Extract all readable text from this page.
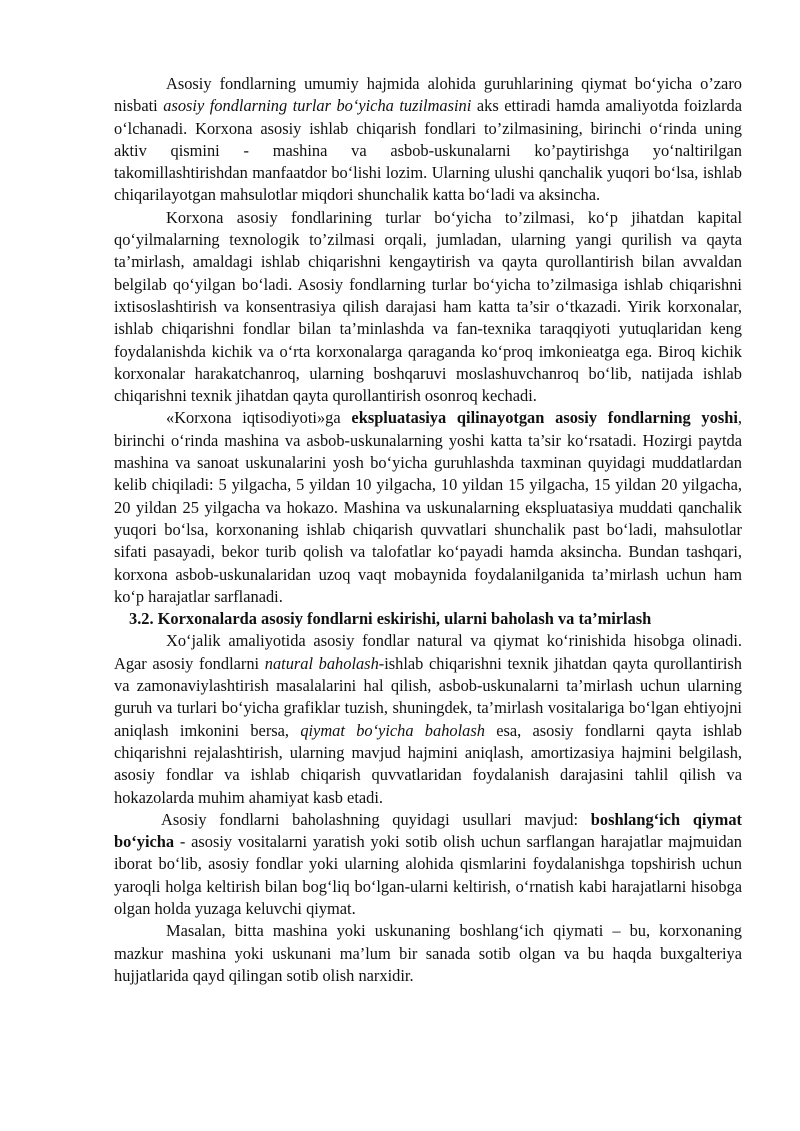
Asosiy fondlarning umumiy hajmida alohida guruhlarining qiymat bo‘yicha o’zaro nisbati asosiy fondlarning turlar bo‘yicha tuzilmasini aks ettiradi hamda amaliyotda foizlarda o‘lchanadi. Korxona asosiy ishlab chiqarish fondlari to’zilmasining, birinchi o‘rinda uning aktiv qismini - mashina va asbob-uskunalarni ko’paytirishga yo‘naltirilgan takomillashtirishdan manfaatdor bo‘lishi lozim. Ularning ulushi qanchalik yuqori bo‘lsa, ishlab chiqarilayotgan mahsulotlar miqdori shunchalik katta bo‘ladi va aksincha.

Korxona asosiy fondlarining turlar bo‘yicha to’zilmasi, ko‘p jihatdan kapital qo‘yilmalarning texnologik to’zilmasi orqali, jumladan, ularning yangi qurilish va qayta ta’mirlash, amaldagi ishlab chiqarishni kengaytirish va qayta qurollantirish bilan avvaldan belgilab qo‘yilgan bo‘ladi. Asosiy fondlarning turlar bo‘yicha to’zilmasiga ishlab chiqarishni ixtisoslashtirish va konsentrasiya qilish darajasi ham katta ta’sir o‘tkazadi. Yirik korxonalar, ishlab chiqarishni fondlar bilan ta’minlashda va fan-texnika taraqqiyoti yutuqlaridan keng foydalanishda kichik va o‘rta korxonalarga qaraganda ko‘proq imkonieatga ega. Biroq kichik korxonalar harakatchanroq, ularning boshqaruvi moslashuvchanroq bo‘lib, natijada ishlab chiqarishni texnik jihatdan qayta qurollantirish osonroq kechadi.

«Korxona iqtisodiyoti»ga ekspluatasiya qilinayotgan asosiy fondlarning yoshi, birinchi o‘rinda mashina va asbob-uskunalarning yoshi katta ta’sir ko‘rsatadi. Hozirgi paytda mashina va sanoat uskunalarini yosh bo‘yicha guruhlashda taxminan quyidagi muddatlardan kelib chiqiladi: 5 yilgacha, 5 yildan 10 yilgacha, 10 yildan 15 yilgacha, 15 yildan 20 yilgacha, 20 yildan 25 yilgacha va hokazo. Mashina va uskunalarning ekspluatasiya muddati qanchalik yuqori bo‘lsa, korxonaning ishlab chiqarish quvvatlari shunchalik past bo‘ladi, mahsulotlar sifati pasayadi, bekor turib qolish va talofatlar ko‘payadi hamda aksincha. Bundan tashqari, korxona asbob-uskunalaridan uzoq vaqt mobaynida foydalanilganida ta’mirlash uchun ham ko‘p harajatlar sarflanadi.

3.2. Korxonalarda asosiy fondlarni eskirishi, ularni baholash va ta’mirlash

Xo‘jalik amaliyotida asosiy fondlar natural va qiymat ko‘rinishida hisobga olinadi. Agar asosiy fondlarni natural baholash-ishlab chiqarishni texnik jihatdan qayta qurollantirish va zamonaviylashtirish masalalarini hal qilish, asbob-uskunalarni ta’mirlash uchun ularning guruh va turlari bo‘yicha grafiklar tuzish, shuningdek, ta’mirlash vositalariga bo‘lgan ehtiyojni aniqlash imkonini bersa, qiymat bo‘yicha baholash esa, asosiy fondlarni qayta ishlab chiqarishni rejalashtirish, ularning mavjud hajmini aniqlash, amortizasiya hajmini belgilash, asosiy fondlar va ishlab chiqarish quvvatlaridan foydalanish darajasini tahlil qilish va hokazolarda muhim ahamiyat kasb etadi.

Asosiy fondlarni baholashning quyidagi usullari mavjud: boshlang‘ich qiymat bo‘yicha - asosiy vositalarni yaratish yoki sotib olish uchun sarflangan harajatlar majmuidan iborat bo‘lib, asosiy fondlar yoki ularning alohida qismlarini foydalanishga topshirish uchun yaroqli holga keltirish bilan bog‘liq bo‘lgan-ularni keltirish, o‘rnatish kabi harajatlarni hisobga olgan holda yuzaga keluvchi qiymat.

Masalan, bitta mashina yoki uskunaning boshlang‘ich qiymati – bu, korxonaning mazkur mashina yoki uskunani ma’lum bir sanada sotib olgan va bu haqda buxgalteriya hujjatlarida qayd qilingan sotib olish narxidir.
